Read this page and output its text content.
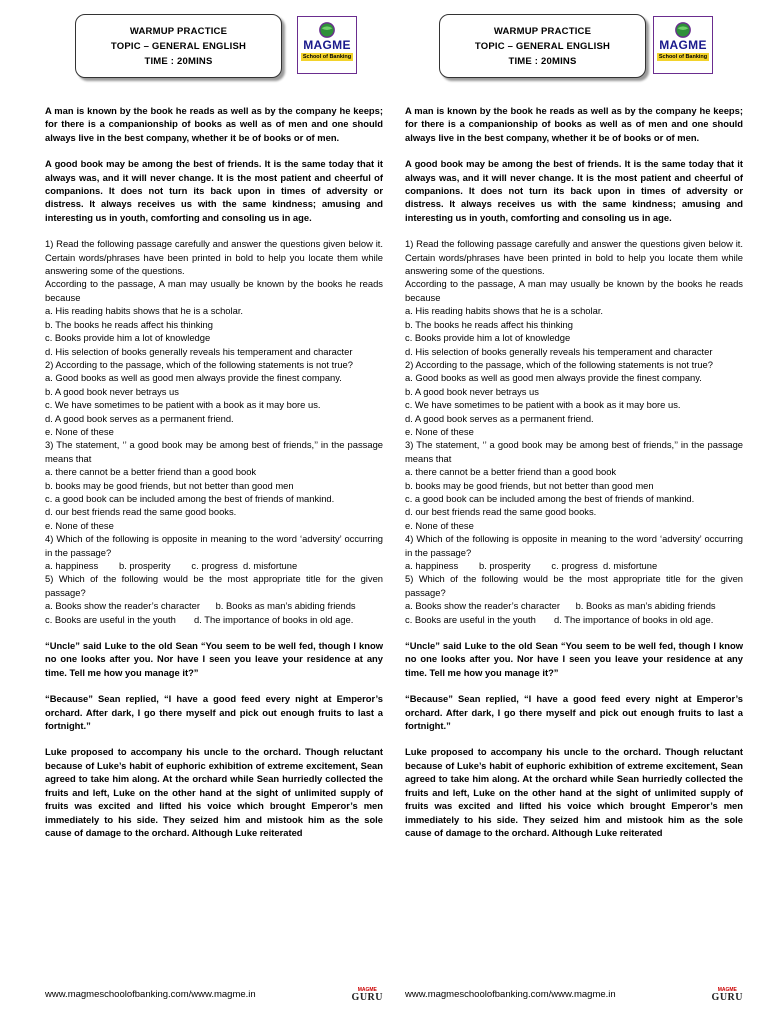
WARMUP PRACTICE
TOPIC – GENERAL ENGLISH
TIME : 20MINS
MAGME
School of Banking

A man is known by the book he reads as well as by the company he keeps; for there is a companionship of books as well as of men and one should always live in the best company, whether it be of books or of men.

A good book may be among the best of friends. It is the same today that it always was, and it will never change. It is the most patient and cheerful of companions. It does not turn its back upon in times of adversity or distress. It always receives us with the same kindness; amusing and interesting us in youth, comforting and consoling us in age.

1) Read the following passage carefully and answer the questions given below it. Certain words/phrases have been printed in bold to help you locate them while answering some of the questions.
According to the passage, A man may usually be known by the books he reads because
a. His reading habits shows that he is a scholar.
b. The books he reads affect his thinking
c. Books provide him a lot of knowledge
d. His selection of books generally reveals his temperament and character
2) According to the passage, which of the following statements is not true?
a. Good books as well as good men always provide the finest company.
b. A good book never betrays us
c. We have sometimes to be patient with a book as it may bore us.
d. A good book serves as a permanent friend.
e. None of these
3) The statement, ‘’ a good book may be among best of friends,’’ in the passage means that
a. there cannot be a better friend than a good book
b. books may be good friends, but not better than good men
c. a good book can be included among the best of friends of mankind.
d. our best friends read the same good books.
e. None of these
4) Which of the following is opposite in meaning to the word ‘adversity’ occurring in the passage?
a. happiness        b. prosperity        c. progress  d. misfortune
5) Which of the following would be the most appropriate title for the given passage?
a. Books show the reader’s character b. Books as man’s abiding friends
c. Books are useful in the youth d. The importance of books in old age.

“Uncle” said Luke to the old Sean “You seem to be well fed, though I know no one looks after you. Nor have I seen you leave your residence at any time. Tell me how you manage it?”

“Because” Sean replied, “I have a good feed every night at Emperor’s orchard. After dark, I go there myself and pick out enough fruits to last a fortnight.”

Luke proposed to accompany his uncle to the orchard. Though reluctant because of Luke’s habit of euphoric exhibition of extreme excitement, Sean agreed to take him along. At the orchard while Sean hurriedly collected the fruits and left, Luke on the other hand at the sight of unlimited supply of fruits was excited and lifted his voice which brought Emperor’s men immediately to his side. They seized him and mistook him as the sole cause of damage to the orchard. Although Luke reiterated

www.magmeschoolofbanking.com/www.magme.in	MAGME
GURU
WARMUP PRACTICE
TOPIC – GENERAL ENGLISH
TIME : 20MINS
MAGME
School of Banking

A man is known by the book he reads as well as by the company he keeps; for there is a companionship of books as well as of men and one should always live in the best company, whether it be of books or of men.

A good book may be among the best of friends. It is the same today that it always was, and it will never change. It is the most patient and cheerful of companions. It does not turn its back upon in times of adversity or distress. It always receives us with the same kindness; amusing and interesting us in youth, comforting and consoling us in age.

1) Read the following passage carefully and answer the questions given below it. Certain words/phrases have been printed in bold to help you locate them while answering some of the questions.
According to the passage, A man may usually be known by the books he reads because
a. His reading habits shows that he is a scholar.
b. The books he reads affect his thinking
c. Books provide him a lot of knowledge
d. His selection of books generally reveals his temperament and character
2) According to the passage, which of the following statements is not true?
a. Good books as well as good men always provide the finest company.
b. A good book never betrays us
c. We have sometimes to be patient with a book as it may bore us.
d. A good book serves as a permanent friend.
e. None of these
3) The statement, ‘’ a good book may be among best of friends,’’ in the passage means that
a. there cannot be a better friend than a good book
b. books may be good friends, but not better than good men
c. a good book can be included among the best of friends of mankind.
d. our best friends read the same good books.
e. None of these
4) Which of the following is opposite in meaning to the word ‘adversity’ occurring in the passage?
a. happiness        b. prosperity        c. progress  d. misfortune
5) Which of the following would be the most appropriate title for the given passage?
a. Books show the reader’s character b. Books as man’s abiding friends
c. Books are useful in the youth d. The importance of books in old age.

“Uncle” said Luke to the old Sean “You seem to be well fed, though I know no one looks after you. Nor have I seen you leave your residence at any time. Tell me how you manage it?”

“Because” Sean replied, “I have a good feed every night at Emperor’s orchard. After dark, I go there myself and pick out enough fruits to last a fortnight.”

Luke proposed to accompany his uncle to the orchard. Though reluctant because of Luke’s habit of euphoric exhibition of extreme excitement, Sean agreed to take him along. At the orchard while Sean hurriedly collected the fruits and left, Luke on the other hand at the sight of unlimited supply of fruits was excited and lifted his voice which brought Emperor’s men immediately to his side. They seized him and mistook him as the sole cause of damage to the orchard. Although Luke reiterated

www.magmeschoolofbanking.com/www.magme.in	MAGME
GURU
